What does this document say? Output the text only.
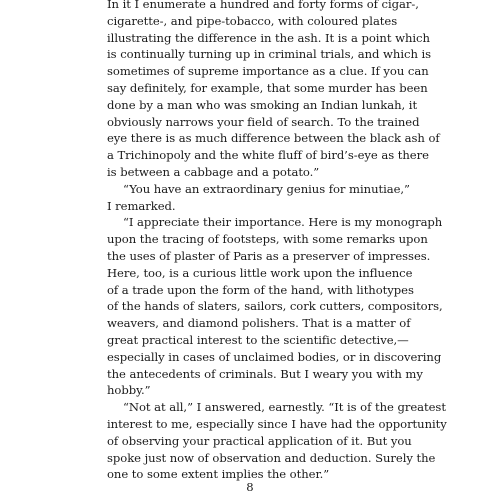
In it I enumerate a hundred and forty forms of cigar-,
cigarette-, and pipe-tobacco, with coloured plates
illustrating the difference in the ash. It is a point which
is continually turning up in criminal trials, and which is
sometimes of supreme importance as a clue. If you can
say definitely, for example, that some murder has been
done by a man who was smoking an Indian lunkah, it
obviously narrows your field of search. To the trained
eye there is as much difference between the black ash of
a Trichinopoly and the white fluff of bird’s-eye as there
is between a cabbage and a potato.”
“You have an extraordinary genius for minutiae,”
I remarked.
“I appreciate their importance. Here is my monograph
upon the tracing of footsteps, with some remarks upon
the uses of plaster of Paris as a preserver of impresses.
Here, too, is a curious little work upon the influence
of a trade upon the form of the hand, with lithotypes
of the hands of slaters, sailors, cork cutters, compositors,
weavers, and diamond polishers. That is a matter of
great practical interest to the scientific detective,—
especially in cases of unclaimed bodies, or in discovering
the antecedents of criminals. But I weary you with my
hobby.”
“Not at all,” I answered, earnestly. “It is of the greatest
interest to me, especially since I have had the opportunity
of observing your practical application of it. But you
spoke just now of observation and deduction. Surely the
one to some extent implies the other.”
8
